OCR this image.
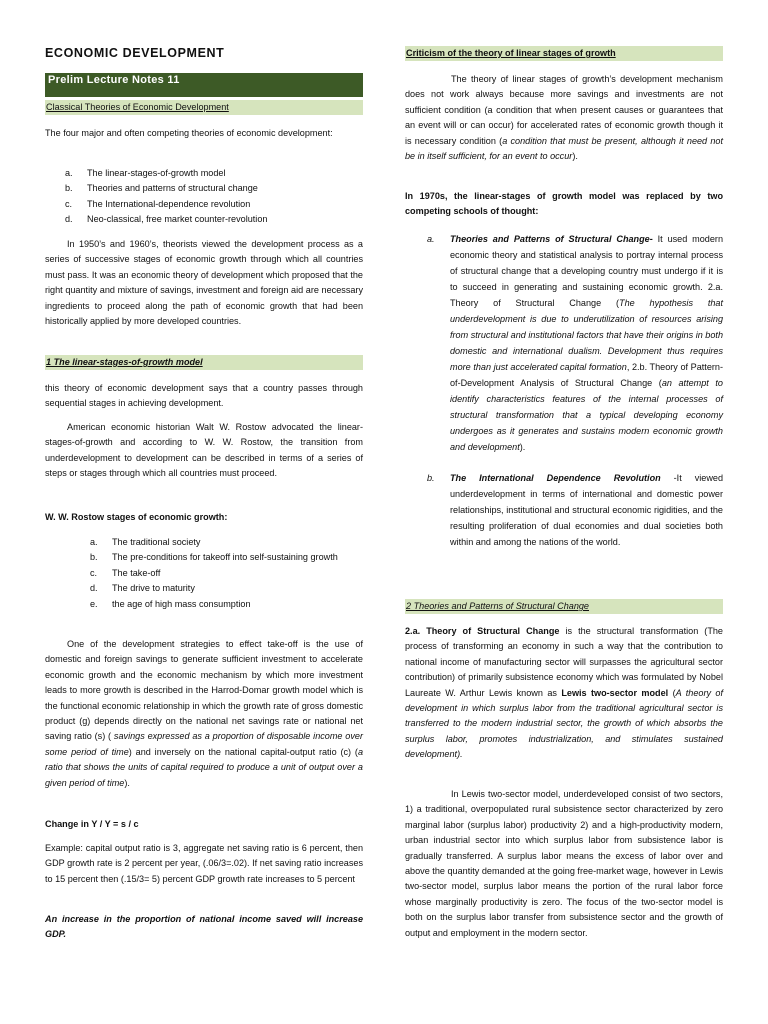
ECONOMIC DEVELOPMENT
Prelim Lecture Notes 11
Classical Theories of Economic Development

The four major and often competing theories of economic development:

a.	The linear-stages-of-growth model
b.	Theories and patterns of structural change
c.	The International-dependence revolution
d.	Neo-classical, free market counter-revolution

In 1950’s and 1960’s, theorists viewed the development process as a series of successive stages of economic growth through which all countries must pass. It was an economic theory of development which proposed that the right quantity and mixture of savings, investment and foreign aid are necessary ingredients to proceed along the path of economic growth that had been historically applied by more developed countries.

1 The linear-stages-of-growth model

this theory of economic development says that a country passes through sequential stages in achieving development.

American economic historian Walt W. Rostow advocated the linear-stages-of-growth and according to W. W. Rostow, the transition from underdevelopment to development can be described in terms of a series of steps or stages through which all countries must proceed.

W. W. Rostow stages of economic growth:

a.	The traditional society
b.	The pre-conditions for takeoff into self-sustaining growth
c.	The take-off
d.	The drive to maturity
e.	the age of high mass consumption

One of the development strategies to effect take-off is the use of domestic and foreign savings to generate sufficient investment to accelerate economic growth and the economic mechanism by which more investment leads to more growth is described in the Harrod-Domar growth model which is the functional economic relationship in which the growth rate of gross domestic product (g) depends directly on the national net savings rate or national net saving ratio (s) ( savings expressed as a proportion of disposable income over some period of time) and inversely on the national capital-output ratio (c) (a ratio that shows the units of capital required to produce a unit of output over a given period of time).

Change in Y / Y = s / c

Example: capital output ratio is 3, aggregate net saving ratio is 6 percent, then GDP growth rate is 2 percent per year, (.06/3=.02). If net saving ratio increases to 15 percent then (.15/3= 5) percent GDP growth rate increases to 5 percent

An increase in the proportion of national income saved will increase GDP.

Criticism of the theory of linear stages of growth

The theory of linear stages of growth’s development mechanism does not work always because more savings and investments are not sufficient condition (a condition that when present causes or guarantees that an event will or can occur) for accelerated rates of economic growth though it is necessary condition (a condition that must be present, although it need not be in itself sufficient, for an event to occur).

In 1970s, the linear-stages of growth model was replaced by two competing schools of thought:

a.	Theories and Patterns of Structural Change- It used modern economic theory and statistical analysis to portray internal process of structural change that a developing country must undergo if it is to succeed in generating and sustaining economic growth. 2.a. Theory of Structural Change (The hypothesis that underdevelopment is due to underutilization of resources arising from structural and institutional factors that have their origins in both domestic and international dualism. Development thus requires more than just accelerated capital formation, 2.b. Theory of Pattern-of-Development Analysis of Structural Change (an attempt to identify characteristics features of the internal processes of structural transformation that a typical developing economy undergoes as it generates and sustains modern economic growth and development).

b.	The International Dependence Revolution -It viewed underdevelopment in terms of international and domestic power relationships, institutional and structural economic rigidities, and the resulting proliferation of dual economies and dual societies both within and among the nations of the world.

2 Theories and Patterns of Structural Change

2.a. Theory of Structural Change is the structural transformation (The process of transforming an economy in such a way that the contribution to national income of manufacturing sector will surpasses the agricultural sector contribution) of primarily subsistence economy which was formulated by Nobel Laureate W. Arthur Lewis known as Lewis two-sector model (A theory of development in which surplus labor from the traditional agricultural sector is transferred to the modern industrial sector, the growth of which absorbs the surplus labor, promotes industrialization, and stimulates sustained development).

In Lewis two-sector model, underdeveloped consist of two sectors, 1) a traditional, overpopulated rural subsistence sector characterized by zero marginal labor (surplus labor) productivity 2) and a high-productivity modern, urban industrial sector into which surplus labor from subsistence labor is gradually transferred. A surplus labor means the excess of labor over and above the quantity demanded at the going free-market wage, however in Lewis two-sector model, surplus labor means the portion of the rural labor force whose marginally productivity is zero. The focus of the two-sector model is both on the surplus labor transfer from subsistence sector and the growth of output and employment in the modern sector.
